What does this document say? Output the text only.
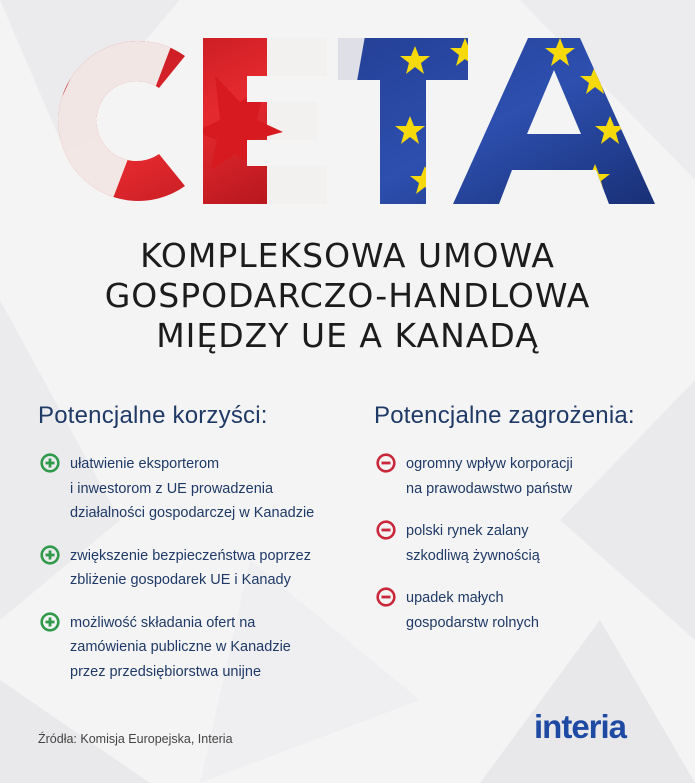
CETA
KOMPLEKSOWA UMOWA
GOSPODARCZO-HANDLOWA
MIĘDZY UE A KANADĄ
Potencjalne korzyści:
ułatwienie eksporterom
i inwestorom z UE prowadzenia
działalności gospodarczej w Kanadzie
zwiększenie bezpieczeństwa poprzez
zbliżenie gospodarek UE i Kanady
możliwość składania ofert na
zamówienia publiczne w Kanadzie
przez przedsiębiorstwa unijne
Potencjalne zagrożenia:
ogromny wpływ korporacji
na prawodawstwo państw
polski rynek zalany
szkodliwą żywnością
upadek małych
gospodarstw rolnych
Źródła: Komisja Europejska, Interia	interia
